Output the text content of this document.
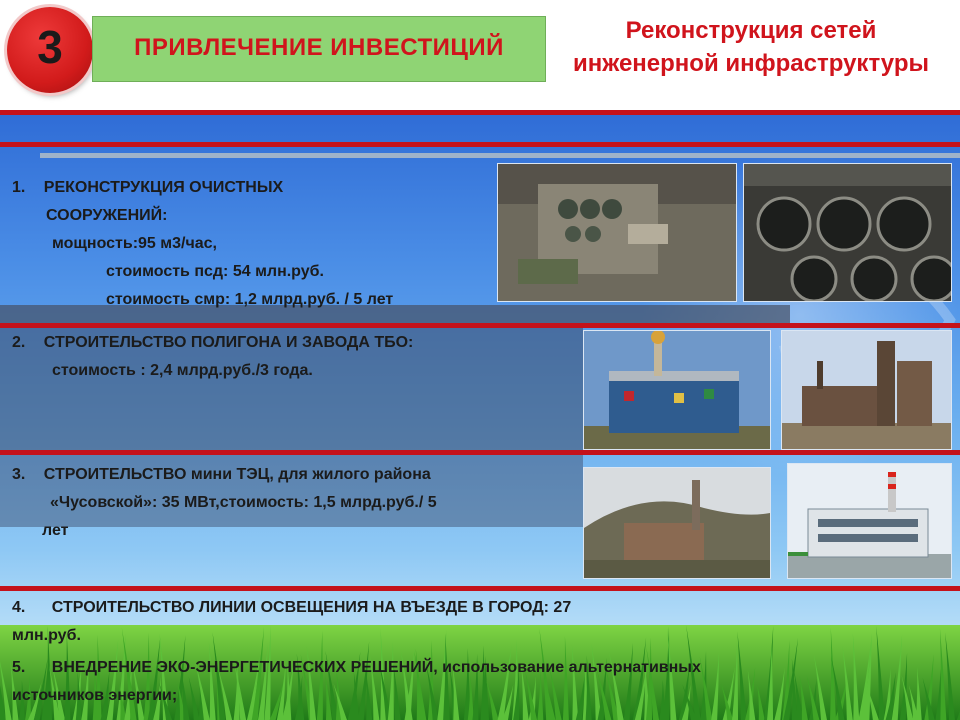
3	ПРИВЛЕЧЕНИЕ ИНВЕСТИЦИЙ
Реконструкция сетей
инженерной инфраструктуры
1. РЕКОНСТРУКЦИЯ ОЧИСТНЫХ
СООРУЖЕНИЙ:
мощность:95 м3/час,
стоимость псд: 54 млн.руб.
стоимость смр: 1,2 млрд.руб. / 5 лет
2. СТРОИТЕЛЬСТВО ПОЛИГОНА И ЗАВОДА ТБО:
стоимость : 2,4 млрд.руб./3 года.
3. СТРОИТЕЛЬСТВО мини ТЭЦ, для жилого района
«Чусовской»: 35 МВт,стоимость: 1,5 млрд.руб./ 5
лет
4. СТРОИТЕЛЬСТВО ЛИНИИ ОСВЕЩЕНИЯ НА ВЪЕЗДЕ В ГОРОД: 27
млн.руб.
5. ВНЕДРЕНИЕ ЭКО-ЭНЕРГЕТИЧЕСКИХ РЕШЕНИЙ, использование альтернативных
источников энергии;
